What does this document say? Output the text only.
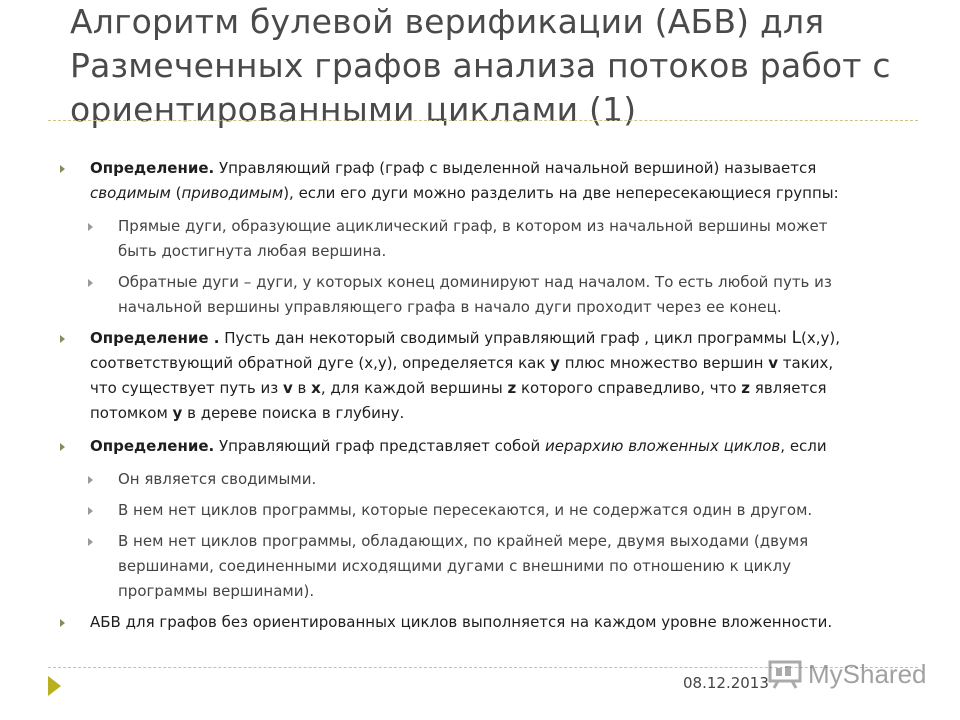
Алгоритм булевой верификации (АБВ) для
Размеченных графов анализа потоков работ с
ориентированными циклами (1)
Определение. Управляющий граф (граф с выделенной начальной вершиной) называется
сводимым (приводимым), если его дуги можно разделить на две непересекающиеся группы:
Прямые дуги, образующие ациклический граф, в котором из начальной вершины может
быть достигнута любая вершина.
Обратные дуги – дуги, у которых конец доминируют над началом. То есть любой путь из
начальной вершины управляющего графа в начало дуги проходит через ее конец.
Определение . Пусть дан некоторый сводимый управляющий граф , цикл программы L(x,y),
соответствующий обратной дуге (x,y), определяется как y плюс множество вершин v таких,
что существует путь из v в x, для каждой вершины z которого справедливо, что z является
потомком y в дереве поиска в глубину.
Определение. Управляющий граф представляет собой иерархию вложенных циклов, если
Он является сводимыми.
В нем нет циклов программы, которые пересекаются, и не содержатся один в другом.
В нем нет циклов программы, обладающих, по крайней мере, двумя выходами (двумя
вершинами, соединенными исходящими дугами с внешними по отношению к циклу
программы вершинами).
АБВ для графов без ориентированных циклов выполняется на каждом уровне вложенности.
08.12.2013 MyShared
